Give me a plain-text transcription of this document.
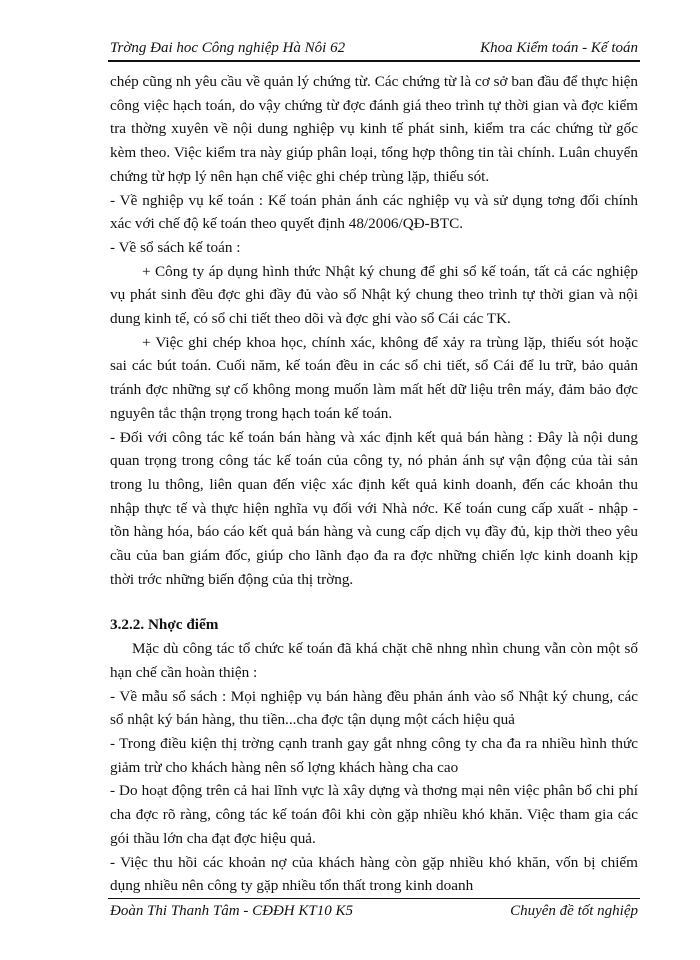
Trờng Đai hoc Công nghiệp Hà Nôi 62	Khoa Kiểm toán - Kế toán

chép cũng nh yêu cầu về quản lý chứng từ. Các chứng từ là cơ sở ban đầu để thực hiện công việc hạch toán, do vậy chứng từ đợc đánh giá theo trình tự thời gian và đợc kiểm tra thờng xuyên về nội dung nghiệp vụ kinh tế phát sinh, kiểm tra các chứng từ gốc kèm theo. Việc kiểm tra này giúp phân loại, tổng hợp thông tin tài chính. Luân chuyển chứng từ hợp lý nên hạn chế việc ghi chép trùng lặp, thiếu sót.

- Về nghiệp vụ kế toán : Kế toán phản ánh các nghiệp vụ và sử dụng tơng đối chính xác với chế độ kế toán theo quyết định 48/2006/QĐ-BTC.

- Về sổ sách kế toán :

+ Công ty áp dụng hình thức Nhật ký chung để ghi sổ kế toán, tất cả các nghiệp vụ phát sinh đều đợc ghi đầy đủ vào sổ Nhật ký chung theo trình tự thời gian và nội dung kinh tế, có sổ chi tiết theo dõi và đợc ghi vào sổ Cái các TK.

+ Việc ghi chép khoa học, chính xác, không để xảy ra trùng lặp, thiếu sót hoặc sai các bút toán. Cuối năm, kế toán đều in các sổ chi tiết, sổ Cái để lu trữ, bảo quản tránh đợc những sự cố không mong muốn làm mất hết dữ liệu trên máy, đảm bảo đợc nguyên tắc thận trọng trong hạch toán kế toán.

- Đối với công tác kế toán bán hàng và xác định kết quả bán hàng : Đây là nội dung quan trọng trong công tác kế toán của công ty, nó phản ánh sự vận động của tài sản trong lu thông, liên quan đến việc xác định kết quả kinh doanh, đến các khoản thu nhập thực tế và thực hiện nghĩa vụ đối với Nhà nớc. Kế toán cung cấp xuất - nhập - tồn hàng hóa, báo cáo kết quả bán hàng và cung cấp dịch vụ đầy đủ, kịp thời theo yêu cầu của ban giám đốc, giúp cho lãnh đạo đa ra đợc những chiến lợc kinh doanh kịp thời trớc những biến động của thị trờng.

3.2.2. Nhợc điểm

Mặc dù công tác tổ chức kế toán đã khá chặt chẽ nhng nhìn chung vẫn còn một số hạn chế cần hoàn thiện :

- Về mẫu sổ sách : Mọi nghiệp vụ bán hàng đều phản ánh vào sổ Nhật ký chung, các sổ nhật ký bán hàng, thu tiền...cha đợc tận dụng một cách hiệu quả

- Trong điều kiện thị trờng cạnh tranh gay gắt nhng công ty cha đa ra nhiều hình thức giảm trừ cho khách hàng nên số lợng khách hàng cha cao

- Do hoạt động trên cả hai lĩnh vực là xây dựng và thơng mại nên việc phân bổ chi phí cha đợc rõ ràng, công tác kế toán đôi khi còn gặp nhiều khó khăn. Việc tham gia các gói thầu lớn cha đạt đợc hiệu quả.

- Việc thu hồi các khoản nợ của khách hàng còn gặp nhiều khó khăn, vốn bị chiếm dụng nhiều nên công ty gặp nhiều tổn thất trong kinh doanh

Đoàn Thi Thanh Tâm - CĐĐH KT10 K5	Chuyên đề tốt nghiệp
